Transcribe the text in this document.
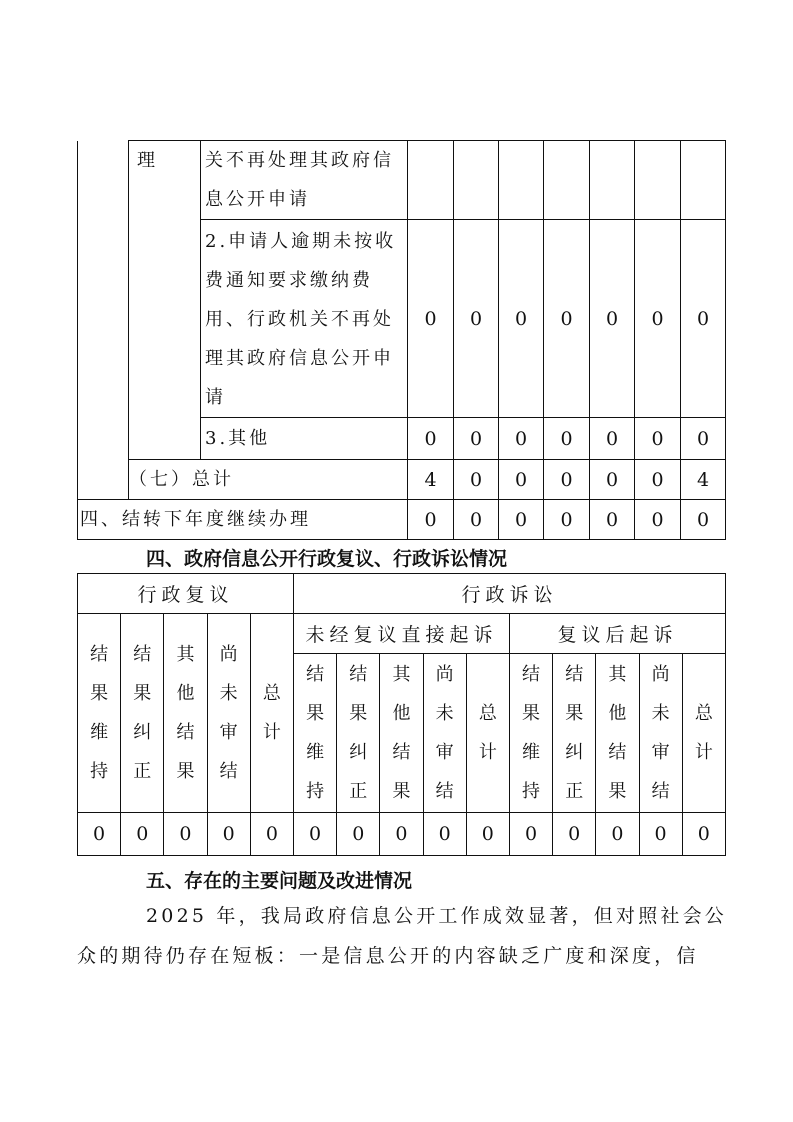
	理	关不再处理其政府信息公开申请							
		2.申请人逾期未按收费通知要求缴纳费用、行政机关不再处理其政府信息公开申请	0	0	0	0	0	0	0
		3.其他	0	0	0	0	0	0	0
	（七）总计		4	0	0	0	0	0	4
四、结转下年度继续办理			0	0	0	0	0	0	0
四、政府信息公开行政复议、行政诉讼情况
行政复议					行政诉讼									
结果维持	结果纠正	其他结果	尚未审结	总计	未经复议直接起诉					复议后起诉				
					结果维持	结果纠正	其他结果	尚未审结	总计	结果维持	结果纠正	其他结果	尚未审结	总计
0	0	0	0	0	0	0	0	0	0	0	0	0	0	0
五、存在的主要问题及改进情况
2025 年，我局政府信息公开工作成效显著，但对照社会公
众的期待仍存在短板：一是信息公开的内容缺乏广度和深度，信
